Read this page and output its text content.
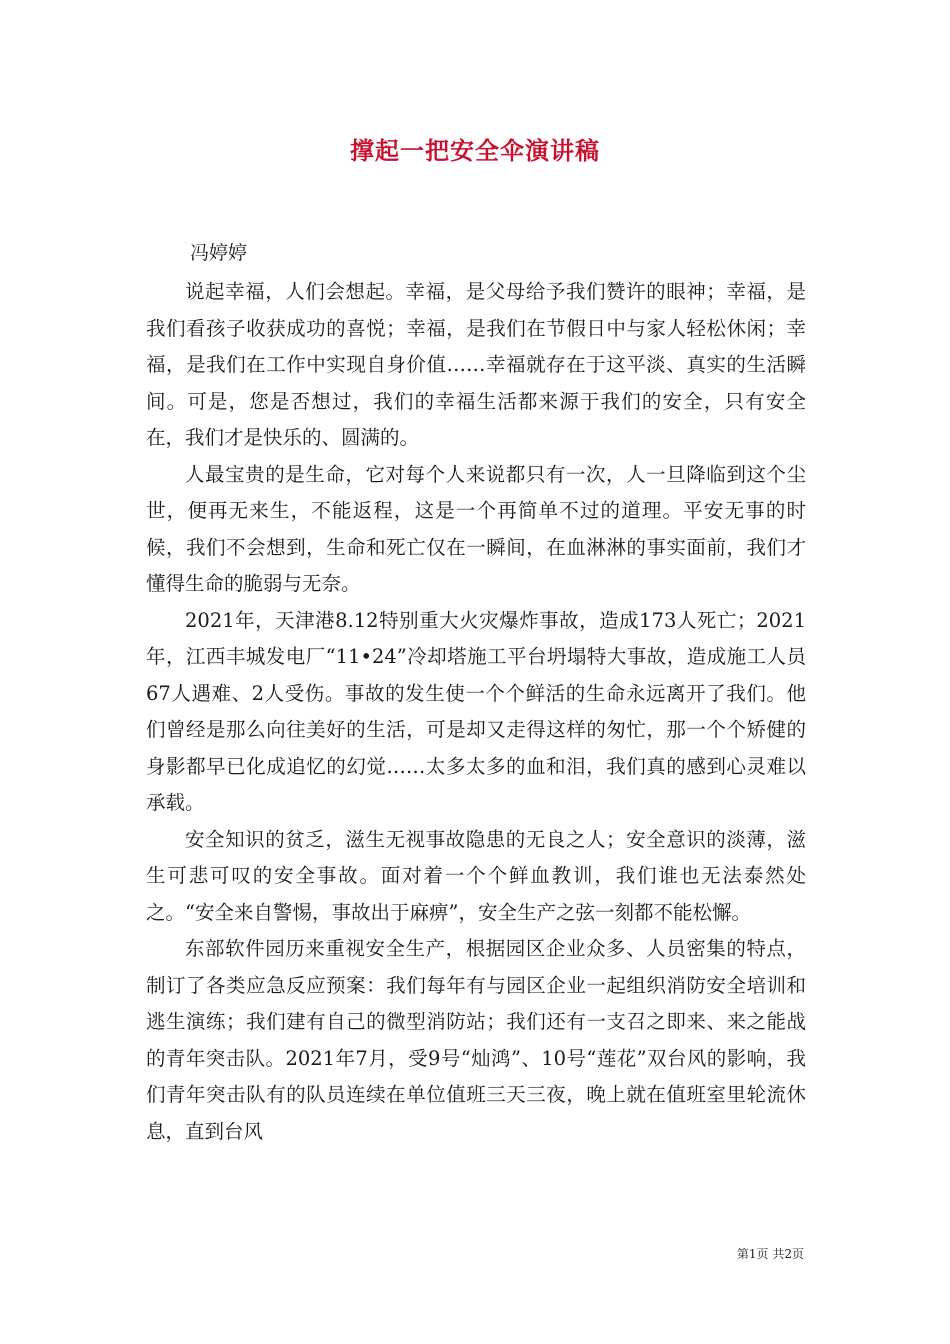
撑起一把安全伞演讲稿
冯婷婷

说起幸福，人们会想起。幸福，是父母给予我们赞许的眼神；幸福，是我们看孩子收获成功的喜悦；幸福，是我们在节假日中与家人轻松休闲；幸福，是我们在工作中实现自身价值……幸福就存在于这平淡、真实的生活瞬间。可是，您是否想过，我们的幸福生活都来源于我们的安全，只有安全在，我们才是快乐的、圆满的。

人最宝贵的是生命，它对每个人来说都只有一次，人一旦降临到这个尘世，便再无来生，不能返程，这是一个再简单不过的道理。平安无事的时候，我们不会想到，生命和死亡仅在一瞬间，在血淋淋的事实面前，我们才懂得生命的脆弱与无奈。

2021年，天津港8.12特别重大火灾爆炸事故，造成173人死亡；2021年，江西丰城发电厂“11•24”冷却塔施工平台坍塌特大事故，造成施工人员67人遇难、2人受伤。事故的发生使一个个鲜活的生命永远离开了我们。他们曾经是那么向往美好的生活，可是却又走得这样的匆忙，那一个个矫健的身影都早已化成追忆的幻觉……太多太多的血和泪，我们真的感到心灵难以承载。

安全知识的贫乏，滋生无视事故隐患的无良之人；安全意识的淡薄，滋生可悲可叹的安全事故。面对着一个个鲜血教训，我们谁也无法泰然处之。“安全来自警惕，事故出于麻痹”，安全生产之弦一刻都不能松懈。

东部软件园历来重视安全生产，根据园区企业众多、人员密集的特点，制订了各类应急反应预案：我们每年有与园区企业一起组织消防安全培训和逃生演练；我们建有自己的微型消防站；我们还有一支召之即来、来之能战的青年突击队。2021年7月，受9号“灿鸿”、10号“莲花”双台风的影响，我们青年突击队有的队员连续在单位值班三天三夜，晚上就在值班室里轮流休息，直到台风

第1页 共2页
